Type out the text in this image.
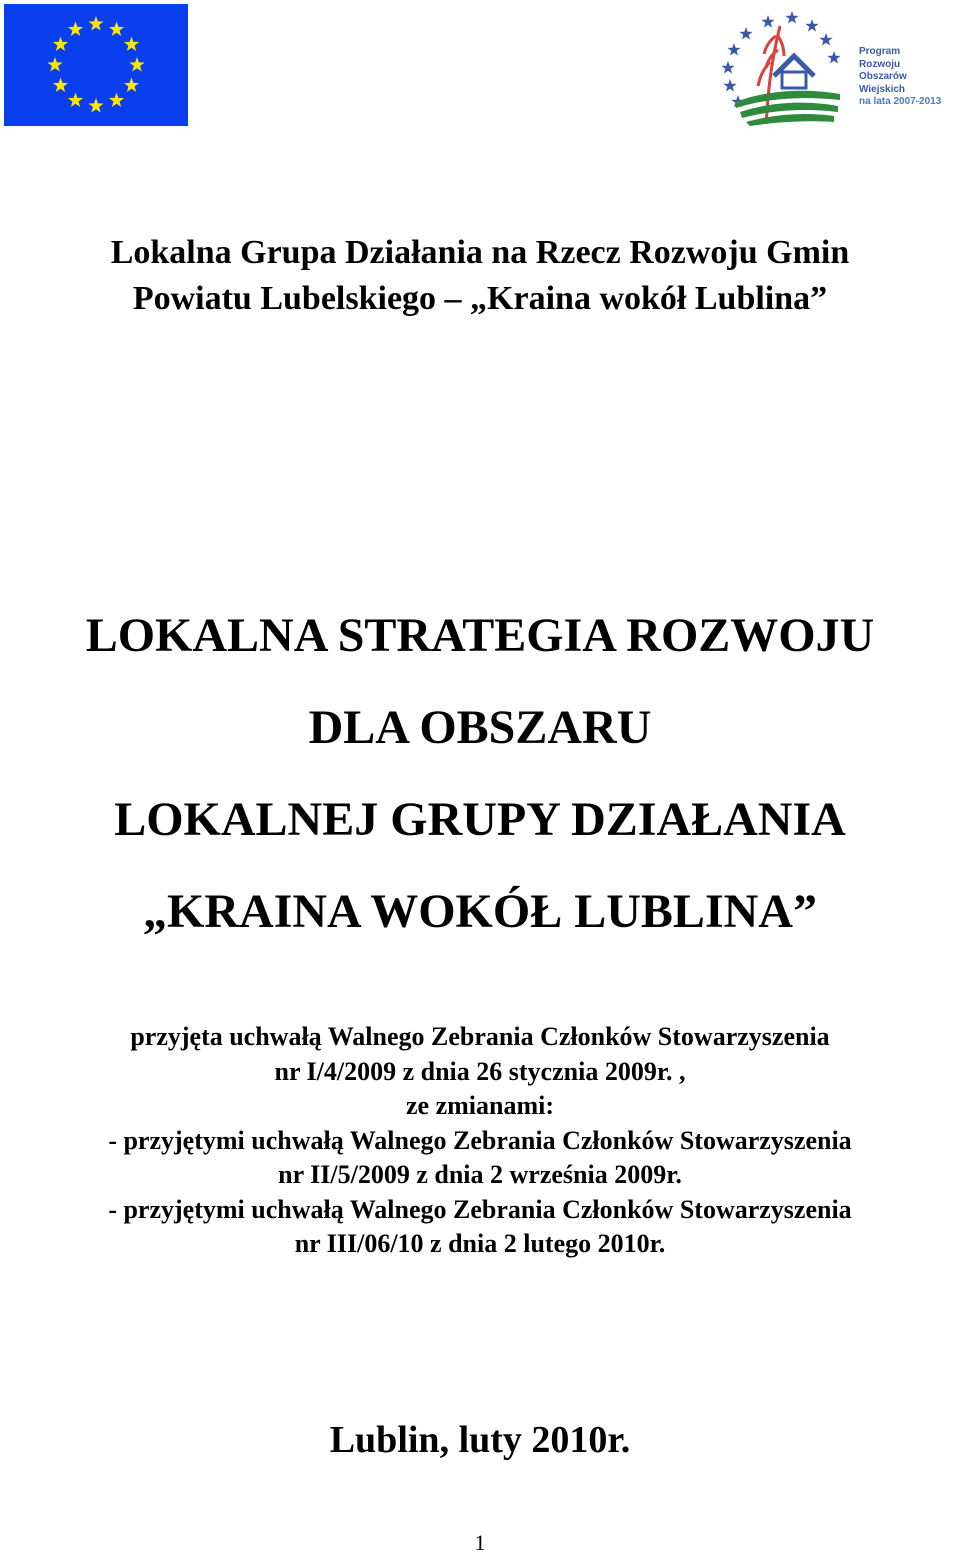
Program
Rozwoju
Obszarów
Wiejskich
na lata 2007-2013
Lokalna Grupa Działania na Rzecz Rozwoju Gmin
Powiatu Lubelskiego – „Kraina wokół Lublina”
LOKALNA STRATEGIA ROZWOJU
DLA OBSZARU
LOKALNEJ GRUPY DZIAŁANIA
„KRAINA WOKÓŁ LUBLINA”
przyjęta uchwałą Walnego Zebrania Członków Stowarzyszenia
nr I/4/2009 z dnia 26 stycznia 2009r. ,
ze zmianami:
- przyjętymi uchwałą Walnego Zebrania Członków Stowarzyszenia
nr II/5/2009 z dnia 2 września 2009r.
- przyjętymi uchwałą Walnego Zebrania Członków Stowarzyszenia
nr III/06/10 z dnia 2 lutego 2010r.
Lublin, luty 2010r.
1
